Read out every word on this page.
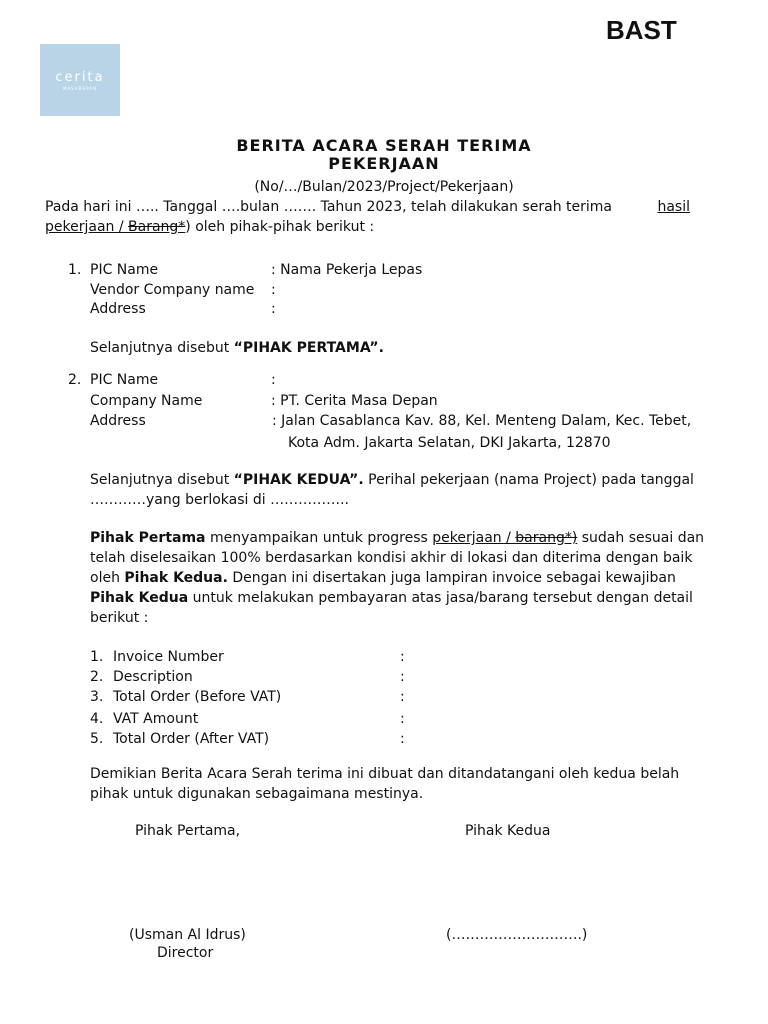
BAST
cerita
MASADEPAN
BERITA ACARA SERAH TERIMA
PEKERJAAN
(No/…/Bulan/2023/Project/Pekerjaan)
Pada hari ini ….. Tanggal ….bulan ……. Tahun 2023, telah dilakukan serah terima	hasil
pekerjaan / Barang*) oleh pihak-pihak berikut :
1. PIC Name	: Nama Pekerja Lepas
Vendor Company name :
Address	:
Selanjutnya disebut “PIHAK PERTAMA”.
2. PIC Name	:
Company Name	: PT. Cerita Masa Depan
Address	: Jalan Casablanca Kav. 88, Kel. Menteng Dalam, Kec. Tebet,
Kota Adm. Jakarta Selatan, DKI Jakarta, 12870
Selanjutnya disebut “PIHAK KEDUA”. Perihal pekerjaan (nama Project) pada tanggal
…………yang berlokasi di ……………..
Pihak Pertama menyampaikan untuk progress pekerjaan / barang*) sudah sesuai dan
telah diselesaikan 100% berdasarkan kondisi akhir di lokasi dan diterima dengan baik
oleh Pihak Kedua. Dengan ini disertakan juga lampiran invoice sebagai kewajiban
Pihak Kedua untuk melakukan pembayaran atas jasa/barang tersebut dengan detail
berikut :
1. Invoice Number	:
2. Description	:
3. Total Order (Before VAT)	:
4. VAT Amount	:
5. Total Order (After VAT)	:
Demikian Berita Acara Serah terima ini dibuat dan ditandatangani oleh kedua belah
pihak untuk digunakan sebagaimana mestinya.
Pihak Pertama,	Pihak Kedua
(Usman Al Idrus)
Director
(……………………….)
